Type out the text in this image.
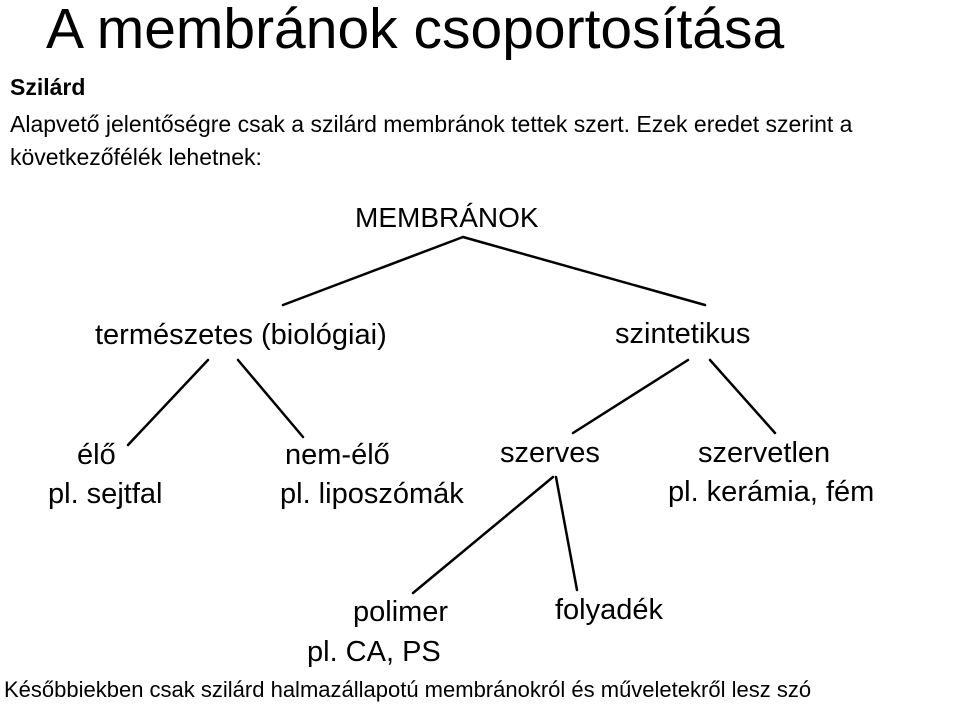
A membránok csoportosítása
Szilárd
Alapvető jelentőségre csak a szilárd membránok tettek szert. Ezek eredet szerint a következőfélék lehetnek:
MEMBRÁNOK
természetes (biológiai)	szintetikus
élő
pl. sejtfal
nem-élő
pl. liposzómák
szerves	szervetlen
pl. kerámia, fém
polimer
pl. CA, PS
folyadék
Későbbiekben csak szilárd halmazállapotú membránokról és műveletekről lesz szó
